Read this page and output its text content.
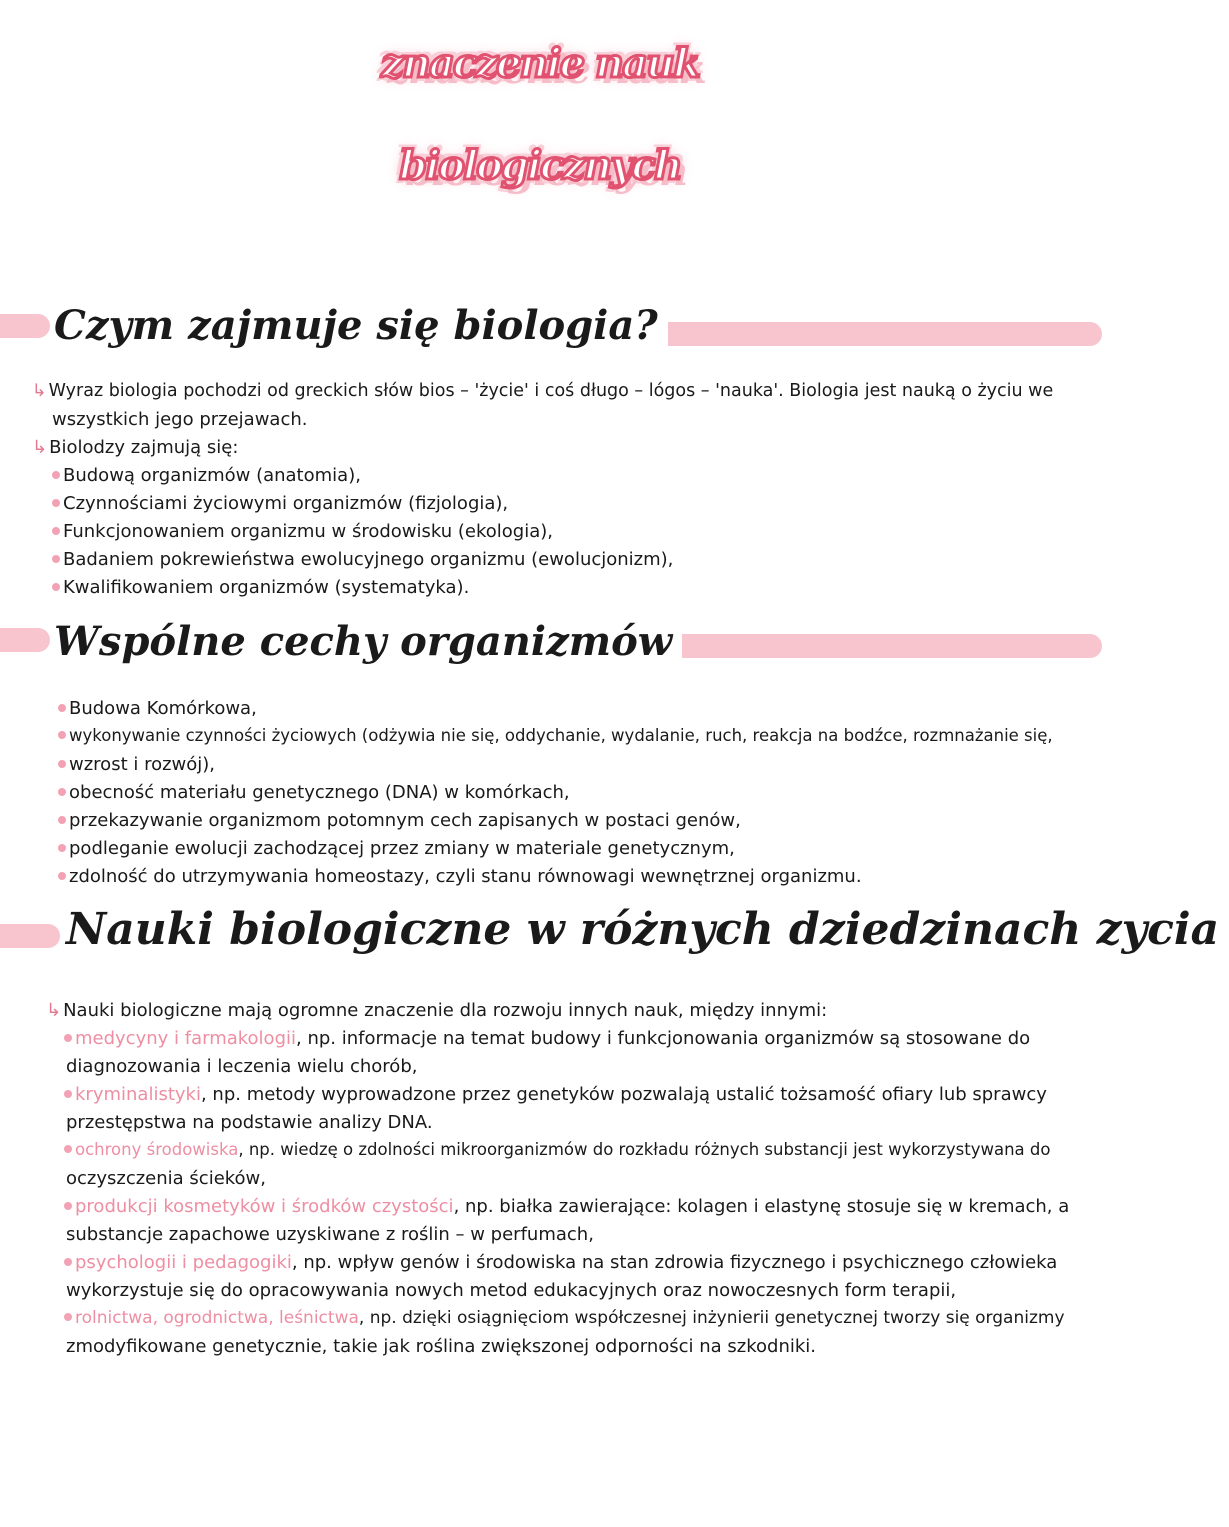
znaczenie nauk
biologicznych
Czym zajmuje się biologia?
↳ Wyraz biologia pochodzi od greckich słów bios – 'życie' i coś długo – lógos – 'nauka'. Biologia jest nauką o życiu we
wszystkich jego przejawach.
↳ Biolodzy zajmują się:
Budową organizmów (anatomia),
Czynnościami życiowymi organizmów (fizjologia),
Funkcjonowaniem organizmu w środowisku (ekologia),
Badaniem pokrewieństwa ewolucyjnego organizmu (ewolucjonizm),
Kwalifikowaniem organizmów (systematyka).
Wspólne cechy organizmów
Budowa Komórkowa,
wykonywanie czynności życiowych (odżywia nie się, oddychanie, wydalanie, ruch, reakcja na bodźce, rozmnażanie się,
wzrost i rozwój),
obecność materiału genetycznego (DNA) w komórkach,
przekazywanie organizmom potomnym cech zapisanych w postaci genów,
podleganie ewolucji zachodzącej przez zmiany w materiale genetycznym,
zdolność do utrzymywania homeostazy, czyli stanu równowagi wewnętrznej organizmu.
Nauki biologiczne w różnych dziedzinach zycia
↳ Nauki biologiczne mają ogromne znaczenie dla rozwoju innych nauk, między innymi:
medycyny i farmakologii, np. informacje na temat budowy i funkcjonowania organizmów są stosowane do
diagnozowania i leczenia wielu chorób,
kryminalistyki, np. metody wyprowadzone przez genetyków pozwalają ustalić tożsamość ofiary lub sprawcy
przestępstwa na podstawie analizy DNA.
ochrony środowiska, np. wiedzę o zdolności mikroorganizmów do rozkładu różnych substancji jest wykorzystywana do
oczyszczenia ścieków,
produkcji kosmetyków i środków czystości, np. białka zawierające: kolagen i elastynę stosuje się w kremach, a
substancje zapachowe uzyskiwane z roślin – w perfumach,
psychologii i pedagogiki, np. wpływ genów i środowiska na stan zdrowia fizycznego i psychicznego człowieka
wykorzystuje się do opracowywania nowych metod edukacyjnych oraz nowoczesnych form terapii,
rolnictwa, ogrodnictwa, leśnictwa, np. dzięki osiągnięciom współczesnej inżynierii genetycznej tworzy się organizmy
zmodyfikowane genetycznie, takie jak roślina zwiększonej odporności na szkodniki.
